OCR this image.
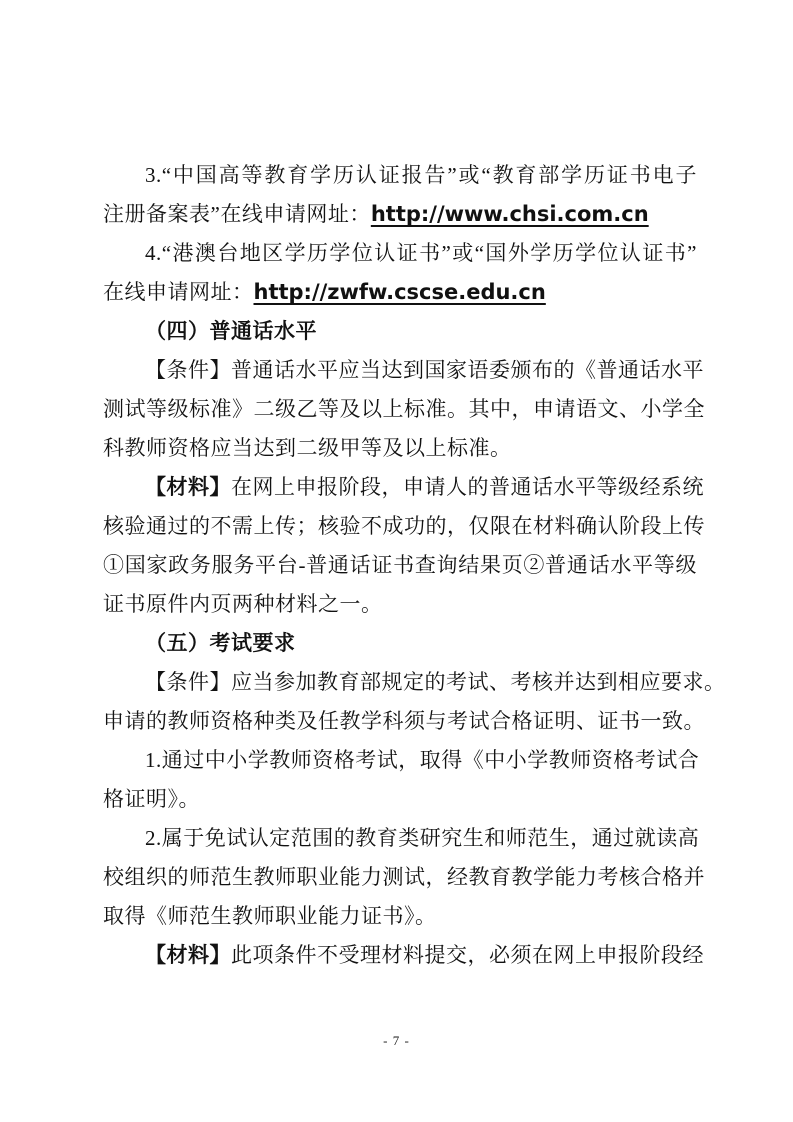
3.“中国高等教育学历认证报告”或“教育部学历证书电子
注册备案表”在线申请网址：http://www.chsi.com.cn
4.“港澳台地区学历学位认证书”或“国外学历学位认证书”
在线申请网址：http://zwfw.cscse.edu.cn
（四）普通话水平
【条件】普通话水平应当达到国家语委颁布的《普通话水平
测试等级标准》二级乙等及以上标准。其中，申请语文、小学全
科教师资格应当达到二级甲等及以上标准。
【材料】在网上申报阶段，申请人的普通话水平等级经系统
核验通过的不需上传；核验不成功的，仅限在材料确认阶段上传
①国家政务服务平台-普通话证书查询结果页②普通话水平等级
证书原件内页两种材料之一。
（五）考试要求
【条件】应当参加教育部规定的考试、考核并达到相应要求。
申请的教师资格种类及任教学科须与考试合格证明、证书一致。
1.通过中小学教师资格考试，取得《中小学教师资格考试合
格证明》。
2.属于免试认定范围的教育类研究生和师范生，通过就读高
校组织的师范生教师职业能力测试，经教育教学能力考核合格并
取得《师范生教师职业能力证书》。
【材料】此项条件不受理材料提交，必须在网上申报阶段经
- 7 -
